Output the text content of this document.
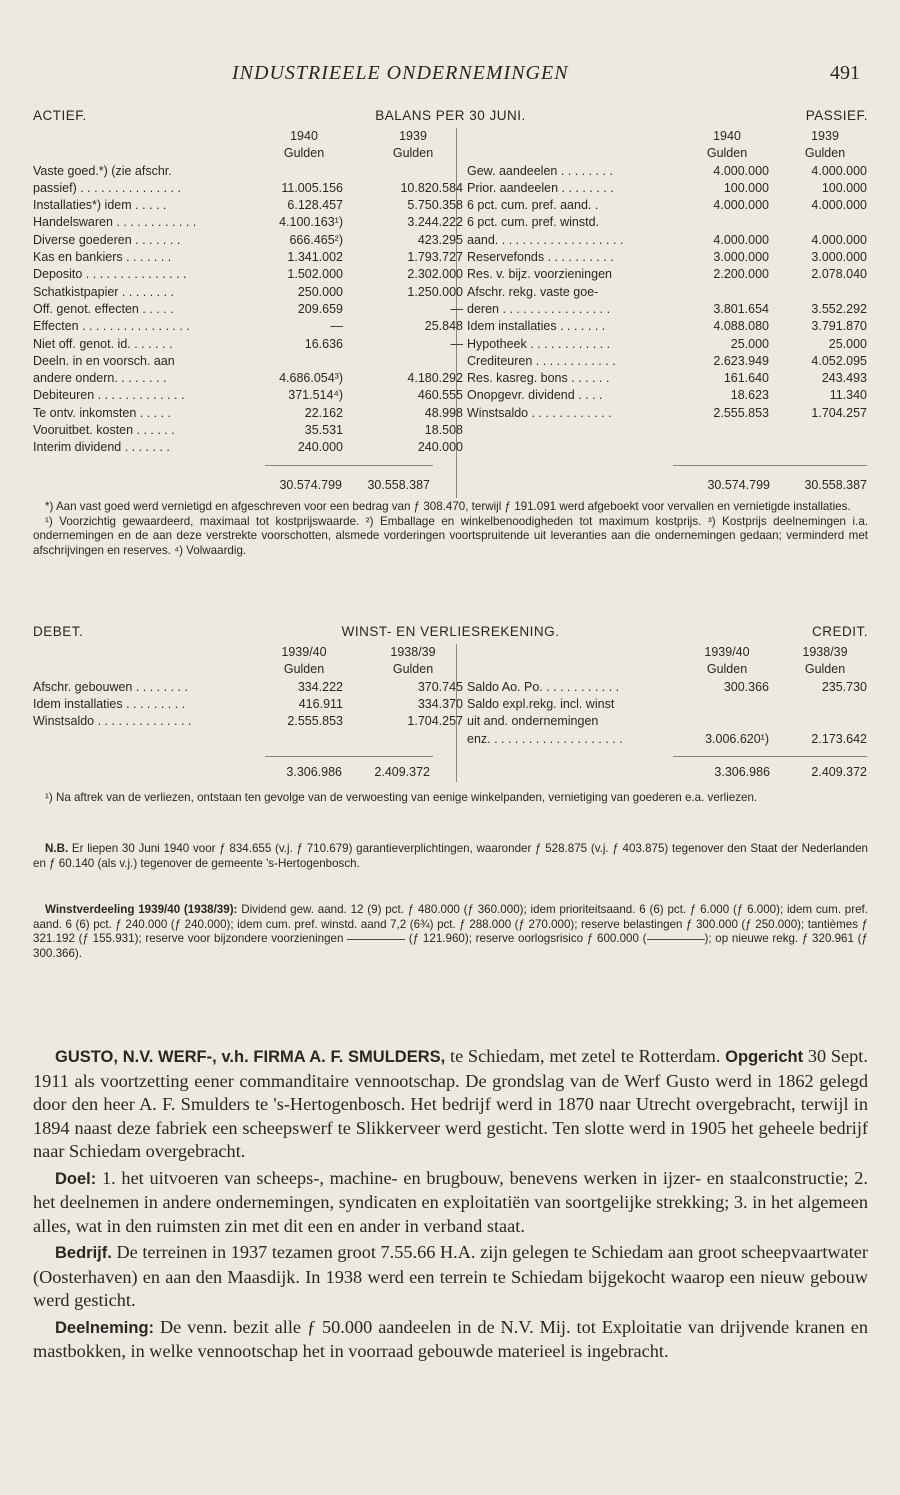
INDUSTRIEELE ONDERNEMINGEN	491
ACTIEF.	BALANS PER 30 JUNI.	PASSIEF.
1940	1939
Gulden	Gulden
Vaste goed.*) (zie afschr.
passief) . . . . . . . . . . . . . . .	11.005.156	10.820.584
Installaties*) idem . . . . .	6.128.457	5.750.358
Handelswaren . . . . . . . . . . . .	4.100.163¹)	3.244.222
Diverse goederen . . . . . . .	666.465²)	423.295
Kas en bankiers . . . . . . .	1.341.002	1.793.727
Deposito . . . . . . . . . . . . . . .	1.502.000	2.302.000
Schatkistpapier . . . . . . . .	250.000	1.250.000
Off. genot. effecten . . . . .	209.659	—
Effecten . . . . . . . . . . . . . . . .	—	25.848
Niet off. genot. id. . . . . . .	16.636	—
Deeln. in en voorsch. aan
andere ondern. . . . . . . .	4.686.054³)	4.180.292
Debiteuren . . . . . . . . . . . . .	371.514⁴)	460.555
Te ontv. inkomsten . . . . .	22.162	48.998
Vooruitbet. kosten . . . . . .	35.531	18.508
Interim dividend . . . . . . .	240.000	240.000
1940	1939
Gulden	Gulden
Gew. aandeelen . . . . . . . .	4.000.000	4.000.000
Prior. aandeelen . . . . . . . .	100.000	100.000
6 pct. cum. pref. aand. .	4.000.000	4.000.000
6 pct. cum. pref. winstd.
aand. . . . . . . . . . . . . . . . . . .	4.000.000	4.000.000
Reservefonds . . . . . . . . . .	3.000.000	3.000.000
Res. v. bijz. voorzieningen	2.200.000	2.078.040
Afschr. rekg. vaste goe-
deren . . . . . . . . . . . . . . . .	3.801.654	3.552.292
Idem installaties . . . . . . .	4.088.080	3.791.870
Hypotheek . . . . . . . . . . . .	25.000	25.000
Crediteuren . . . . . . . . . . . .	2.623.949	4.052.095
Res. kasreg. bons . . . . . .	161.640	243.493
Onopgevr. dividend . . . .	18.623	11.340
Winstsaldo . . . . . . . . . . . .	2.555.853	1.704.257
30.574.799	30.558.387	30.574.799	30.558.387

*) Aan vast goed werd vernietigd en afgeschreven voor een bedrag van ƒ 308.470, terwijl ƒ 191.091 werd afgeboekt voor vervallen en vernietigde installaties.

¹) Voorzichtig gewaardeerd, maximaal tot kostprijswaarde. ²) Emballage en winkelbenoodigheden tot maximum kostprijs. ³) Kostprijs deelnemingen i.a. ondernemingen en de aan deze verstrekte voorschotten, alsmede vorderingen voortspruitende uit leveranties aan die ondernemingen gedaan; verminderd met afschrijvingen en reserves. ⁴) Volwaardig.

DEBET.	WINST- EN VERLIESREKENING.	CREDIT.
1939/40	1938/39
Gulden	Gulden
Afschr. gebouwen . . . . . . . .	334.222	370.745
Idem installaties . . . . . . . . .	416.911	334.370
Winstsaldo . . . . . . . . . . . . . .	2.555.853	1.704.257
1939/40	1938/39
Gulden	Gulden
Saldo Ao. Po. . . . . . . . . . . .	300.366	235.730
Saldo expl.rekg. incl. winst
uit and. ondernemingen
enz. . . . . . . . . . . . . . . . . . . .	3.006.620¹)	2.173.642
3.306.986	2.409.372	3.306.986	2.409.372

¹) Na aftrek van de verliezen, ontstaan ten gevolge van de verwoesting van eenige winkelpanden, vernietiging van goederen e.a. verliezen.

N.B. Er liepen 30 Juni 1940 voor ƒ 834.655 (v.j. ƒ 710.679) garantieverplichtingen, waaronder ƒ 528.875 (v.j. ƒ 403.875) tegenover den Staat der Nederlanden en ƒ 60.140 (als v.j.) tegenover de gemeente 's-Hertogenbosch.

Winstverdeeling 1939/40 (1938/39): Dividend gew. aand. 12 (9) pct. ƒ 480.000 (ƒ 360.000); idem prioriteitsaand. 6 (6) pct. ƒ 6.000 (ƒ 6.000); idem cum. pref. aand. 6 (6) pct. ƒ 240.000 (ƒ 240.000); idem cum. pref. winstd. aand 7,2 (6¾) pct. ƒ 288.000 (ƒ 270.000); reserve belastingen ƒ 300.000 (ƒ 250.000); tantièmes ƒ 321.192 (ƒ 155.931); reserve voor bijzondere voorzieningen	(ƒ 121.960); reserve oorlogsrisico ƒ 600.000 (	); op nieuwe rekg. ƒ 320.961 (ƒ 300.366).

GUSTO, N.V. WERF-, v.h. FIRMA A. F. SMULDERS, te Schiedam, met zetel te Rotterdam. Opgericht 30 Sept. 1911 als voortzetting eener commanditaire vennootschap. De grondslag van de Werf Gusto werd in 1862 gelegd door den heer A. F. Smulders te 's-Hertogenbosch. Het bedrijf werd in 1870 naar Utrecht overgebracht, terwijl in 1894 naast deze fabriek een scheepswerf te Slikkerveer werd gesticht. Ten slotte werd in 1905 het geheele bedrijf naar Schiedam overgebracht.

Doel: 1. het uitvoeren van scheeps-, machine- en brugbouw, benevens werken in ijzer- en staalconstructie; 2. het deelnemen in andere ondernemingen, syndicaten en exploitatiën van soortgelijke strekking; 3. in het algemeen alles, wat in den ruimsten zin met dit een en ander in verband staat.

Bedrijf. De terreinen in 1937 tezamen groot 7.55.66 H.A. zijn gelegen te Schiedam aan groot scheepvaartwater (Oosterhaven) en aan den Maasdijk. In 1938 werd een terrein te Schiedam bijgekocht waarop een nieuw gebouw werd gesticht.

Deelneming: De venn. bezit alle ƒ 50.000 aandeelen in de N.V. Mij. tot Exploitatie van drijvende kranen en mastbokken, in welke vennootschap het in voorraad gebouwde materieel is ingebracht.
